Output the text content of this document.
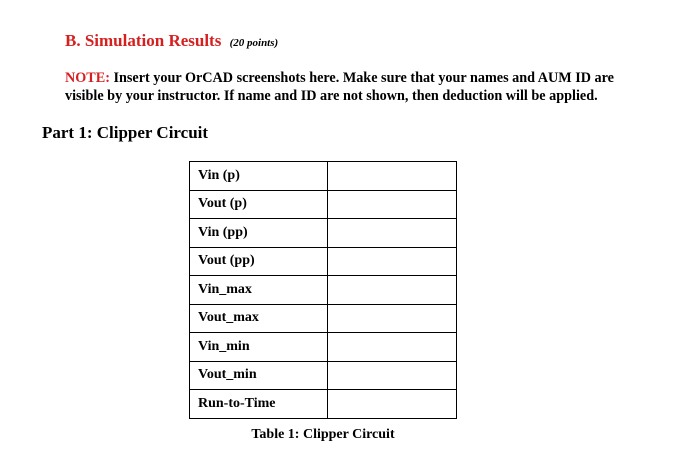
B. Simulation Results (20 points)
NOTE: Insert your OrCAD screenshots here. Make sure that your names and AUM ID are visible by your instructor. If name and ID are not shown, then deduction will be applied.
Part 1: Clipper Circuit
Vin (p)	
Vout (p)	
Vin (pp)	
Vout (pp)	
Vin_max	
Vout_max	
Vin_min	
Vout_min	
Run-to-Time	
Table 1: Clipper Circuit
